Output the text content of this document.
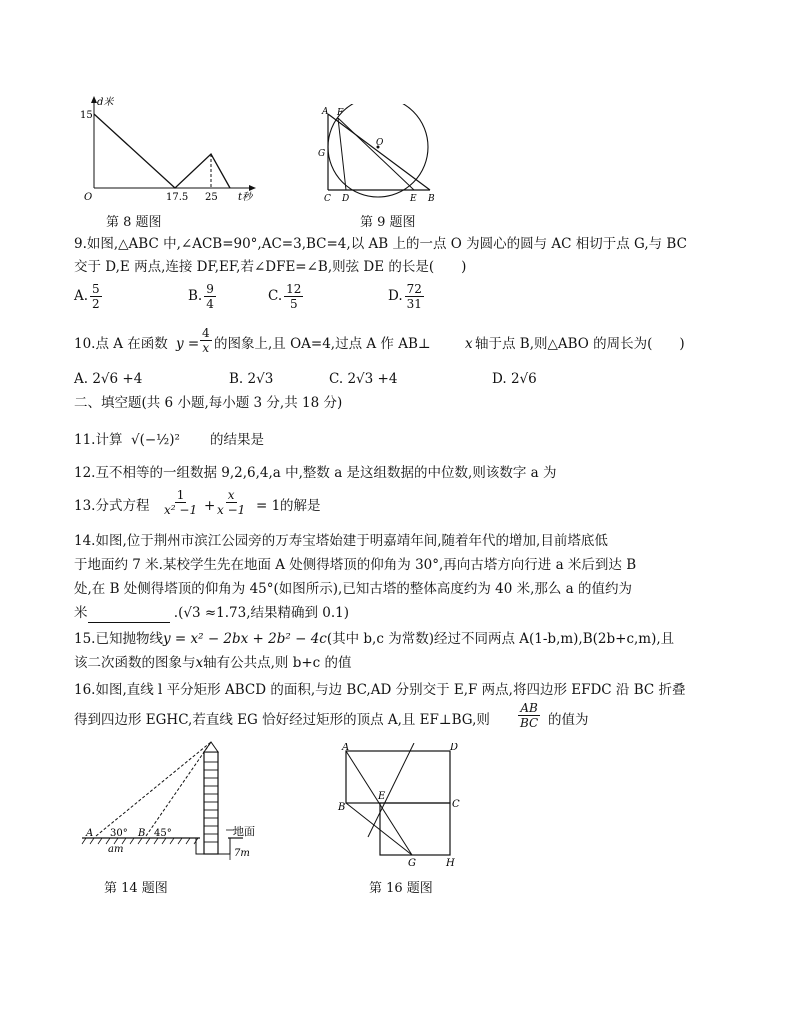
d米
15
O	17.5 25 t秒
第 8 题图
A F
G
O
C D	E B
第 9 题图
9.如图,△ABC 中,∠ACB=90°,AC=3,BC=4,以 AB 上的一点 O 为圆心的圆与 AC 相切于点 G,与 BC
交于 D,E 两点,连接 DF,EF,若∠DFE=∠B,则弦 DE 的长是(　　)
A. $\frac{5}{2}$	B. $\frac{9}{4}$	C. $\frac{12}{5}$	D. $\frac{72}{31}$
10.点 A 在函数 $y = \frac{4}{x}$ 的图象上,且 OA=4,过点 A 作 AB⊥	x 轴于点 B,则△ABO 的周长为(　　)
A. 2√6 +4	B. 2√3	C. 2√3 +4	D. 2√6
二、填空题(共 6 小题,每小题 3 分,共 18 分)
11.计算 √(−½)² 的结果是
12.互不相等的一组数据 9,2,6,4,a 中,整数 a 是这组数据的中位数,则该数字 a 为
13.分式方程 $\frac{1}{\text{x² −1}} + \frac{x}{x -1} = 1$ 的解是
14.如图,位于荆州市滨江公园旁的万寿宝塔始建于明嘉靖年间,随着年代的增加,目前塔底低
于地面约 7 米.某校学生先在地面 A 处侧得塔顶的仰角为 30°,再向古塔方向行进 a 米后到达 B
处,在 B 处侧得塔顶的仰角为 45°(如图所示),已知古塔的整体高度约为 40 米,那么 a 的值约为
米	.(√3 ≈1.73,结果精确到 0.1)
15.已知抛物线y = x² − 2bx + 2b² − 4c(其中 b,c 为常数)经过不同两点 A(1-b,m),B(2b+c,m),且
该二次函数的图象与x轴有公共点,则 b+c 的值
16.如图,直线 l 平分矩形 ABCD 的面积,与边 BC,AD 分别交于 E,F 两点,将四边形 EFDC 沿 BC 折叠
得到四边形 EGHC,若直线 EG 恰好经过矩形的顶点 A,且 EF⊥BG,则 $\frac{AB}{BC}$ 的值为
A 30° B 45°
am
地面
7m
第 14 题图
A	D
E
B	C
G	H
第 16 题图
